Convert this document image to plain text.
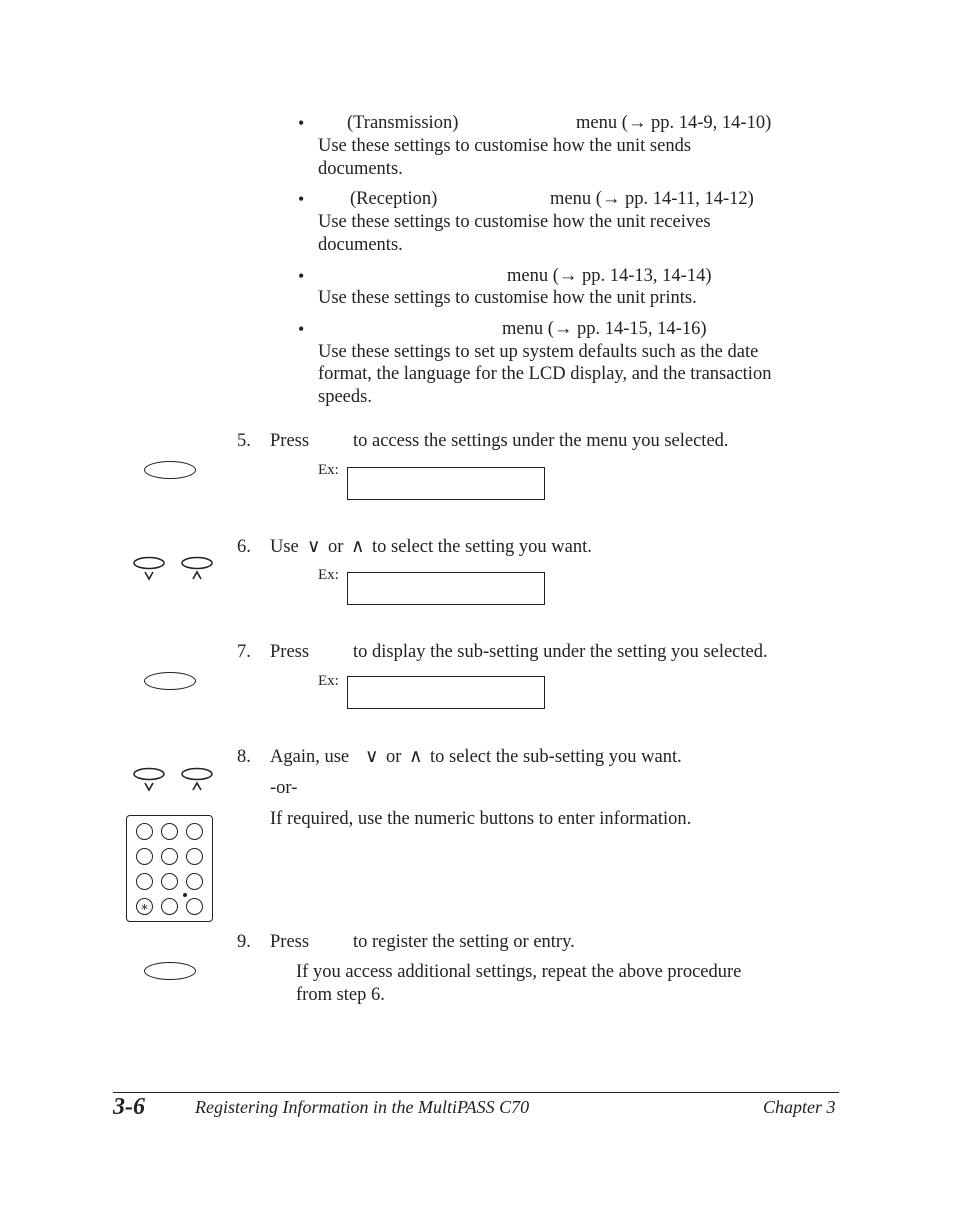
• (Transmission)	menu (→ pp. 14-9, 14-10)
Use these settings to customise how the unit sends
documents.
• (Reception)	menu (→ pp. 14-11, 14-12)
Use these settings to customise how the unit receives
documents.
•	menu (→ pp. 14-13, 14-14)
Use these settings to customise how the unit prints.
•	menu (→ pp. 14-15, 14-16)
Use these settings to set up system defaults such as the date
format, the language for the LCD display, and the transaction
speeds.
5. Press to access the settings under the menu you selected.
Ex:
6. Use ∨ or ∧ to select the setting you want.
Ex:
7. Press to display the sub-setting under the setting you selected.
Ex:
8. Again, use ∨ or ∧ to select the sub-setting you want.
-or-
If required, use the numeric buttons to enter information.
∗
9. Press to register the setting or entry.
If you access additional settings, repeat the above procedure
from step 6.
3-6	Registering Information in the MultiPASS C70	Chapter 3
